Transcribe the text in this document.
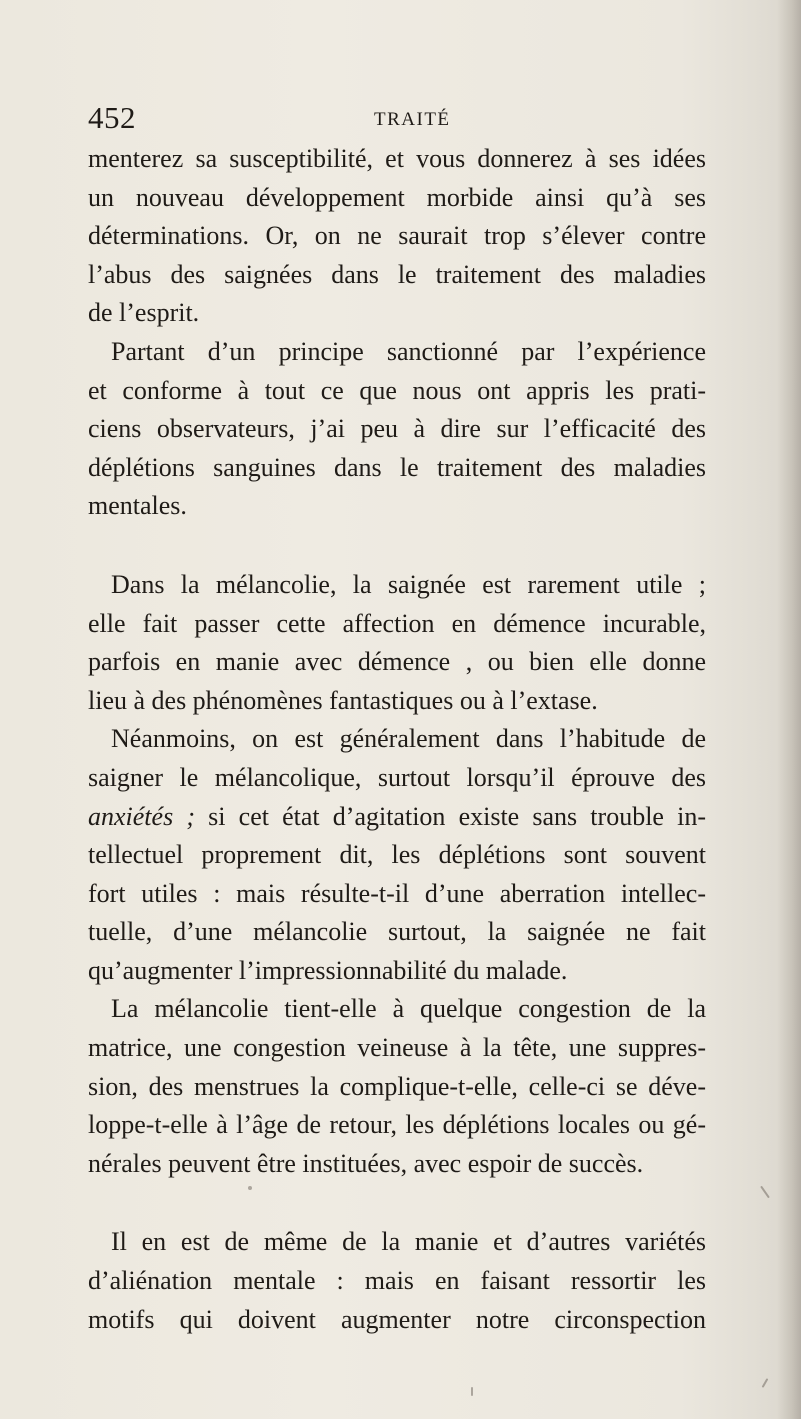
452	TRAITÉ

menterez sa susceptibilité, et vous donnerez à ses idées

un nouveau développement morbide ainsi qu’à ses

déterminations. Or, on ne saurait trop s’élever contre

l’abus des saignées dans le traitement des maladies

de l’esprit.

Partant d’un principe sanctionné par l’expérience

et conforme à tout ce que nous ont appris les prati-

ciens observateurs, j’ai peu à dire sur l’efficacité des

déplétions sanguines dans le traitement des maladies

mentales.

Dans la mélancolie, la saignée est rarement utile ;

elle fait passer cette affection en démence incurable,

parfois en manie avec démence , ou bien elle donne

lieu à des phénomènes fantastiques ou à l’extase.

Néanmoins, on est généralement dans l’habitude de

saigner le mélancolique, surtout lorsqu’il éprouve des

anxiétés ; si cet état d’agitation existe sans trouble in-

tellectuel proprement dit, les déplétions sont souvent

fort utiles : mais résulte-t-il d’une aberration intellec-

tuelle, d’une mélancolie surtout, la saignée ne fait

qu’augmenter l’impressionnabilité du malade.

La mélancolie tient-elle à quelque congestion de la

matrice, une congestion veineuse à la tête, une suppres-

sion, des menstrues la complique-t-elle, celle-ci se déve-

loppe-t-elle à l’âge de retour, les déplétions locales ou gé-

nérales peuvent être instituées, avec espoir de succès.

Il en est de même de la manie et d’autres variétés

d’aliénation mentale : mais en faisant ressortir les

motifs qui doivent augmenter notre circonspection
